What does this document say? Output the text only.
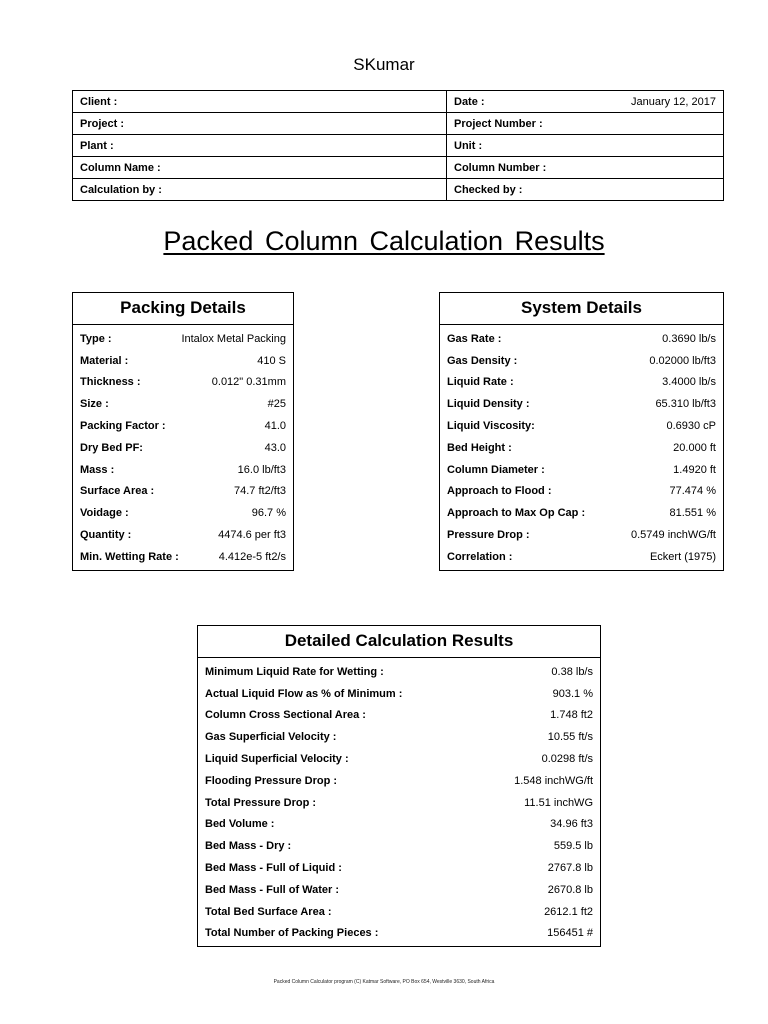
SKumar
Client :	Date : January 12, 2017

Project :	Project Number :

Plant :	Unit :

Column Name :	Column Number :

Calculation by :	Checked by :
Packed Column Calculation Results
Packing Details
Type :	Intalox Metal Packing
Material :	410 S
Thickness :	0.012" 0.31mm
Size :	#25
Packing Factor :	41.0
Dry Bed PF:	43.0
Mass :	16.0 lb/ft3
Surface Area :	74.7 ft2/ft3
Voidage :	96.7 %
Quantity :	4474.6 per ft3
Min. Wetting Rate :	4.412e-5 ft2/s
System Details
Gas Rate :	0.3690 lb/s
Gas Density :	0.02000 lb/ft3
Liquid Rate :	3.4000 lb/s
Liquid Density :	65.310 lb/ft3
Liquid Viscosity:	0.6930 cP
Bed Height :	20.000 ft
Column Diameter :	1.4920 ft
Approach to Flood :	77.474 %
Approach to Max Op Cap :	81.551 %
Pressure Drop :	0.5749 inchWG/ft
Correlation :	Eckert (1975)
Detailed Calculation Results
Minimum Liquid Rate for Wetting :	0.38 lb/s
Actual Liquid Flow as % of Minimum :	903.1 %
Column Cross Sectional Area :	1.748 ft2
Gas Superficial Velocity :	10.55 ft/s
Liquid Superficial Velocity :	0.0298 ft/s
Flooding Pressure Drop :	1.548 inchWG/ft
Total Pressure Drop :	11.51 inchWG
Bed Volume :	34.96 ft3
Bed Mass - Dry :	559.5 lb
Bed Mass - Full of Liquid :	2767.8 lb
Bed Mass - Full of Water :	2670.8 lb
Total Bed Surface Area :	2612.1 ft2
Total Number of Packing Pieces :	156451 #
Packed Column Calculator program (C) Katmar Software, PO Box 654, Westville 3630, South Africa
